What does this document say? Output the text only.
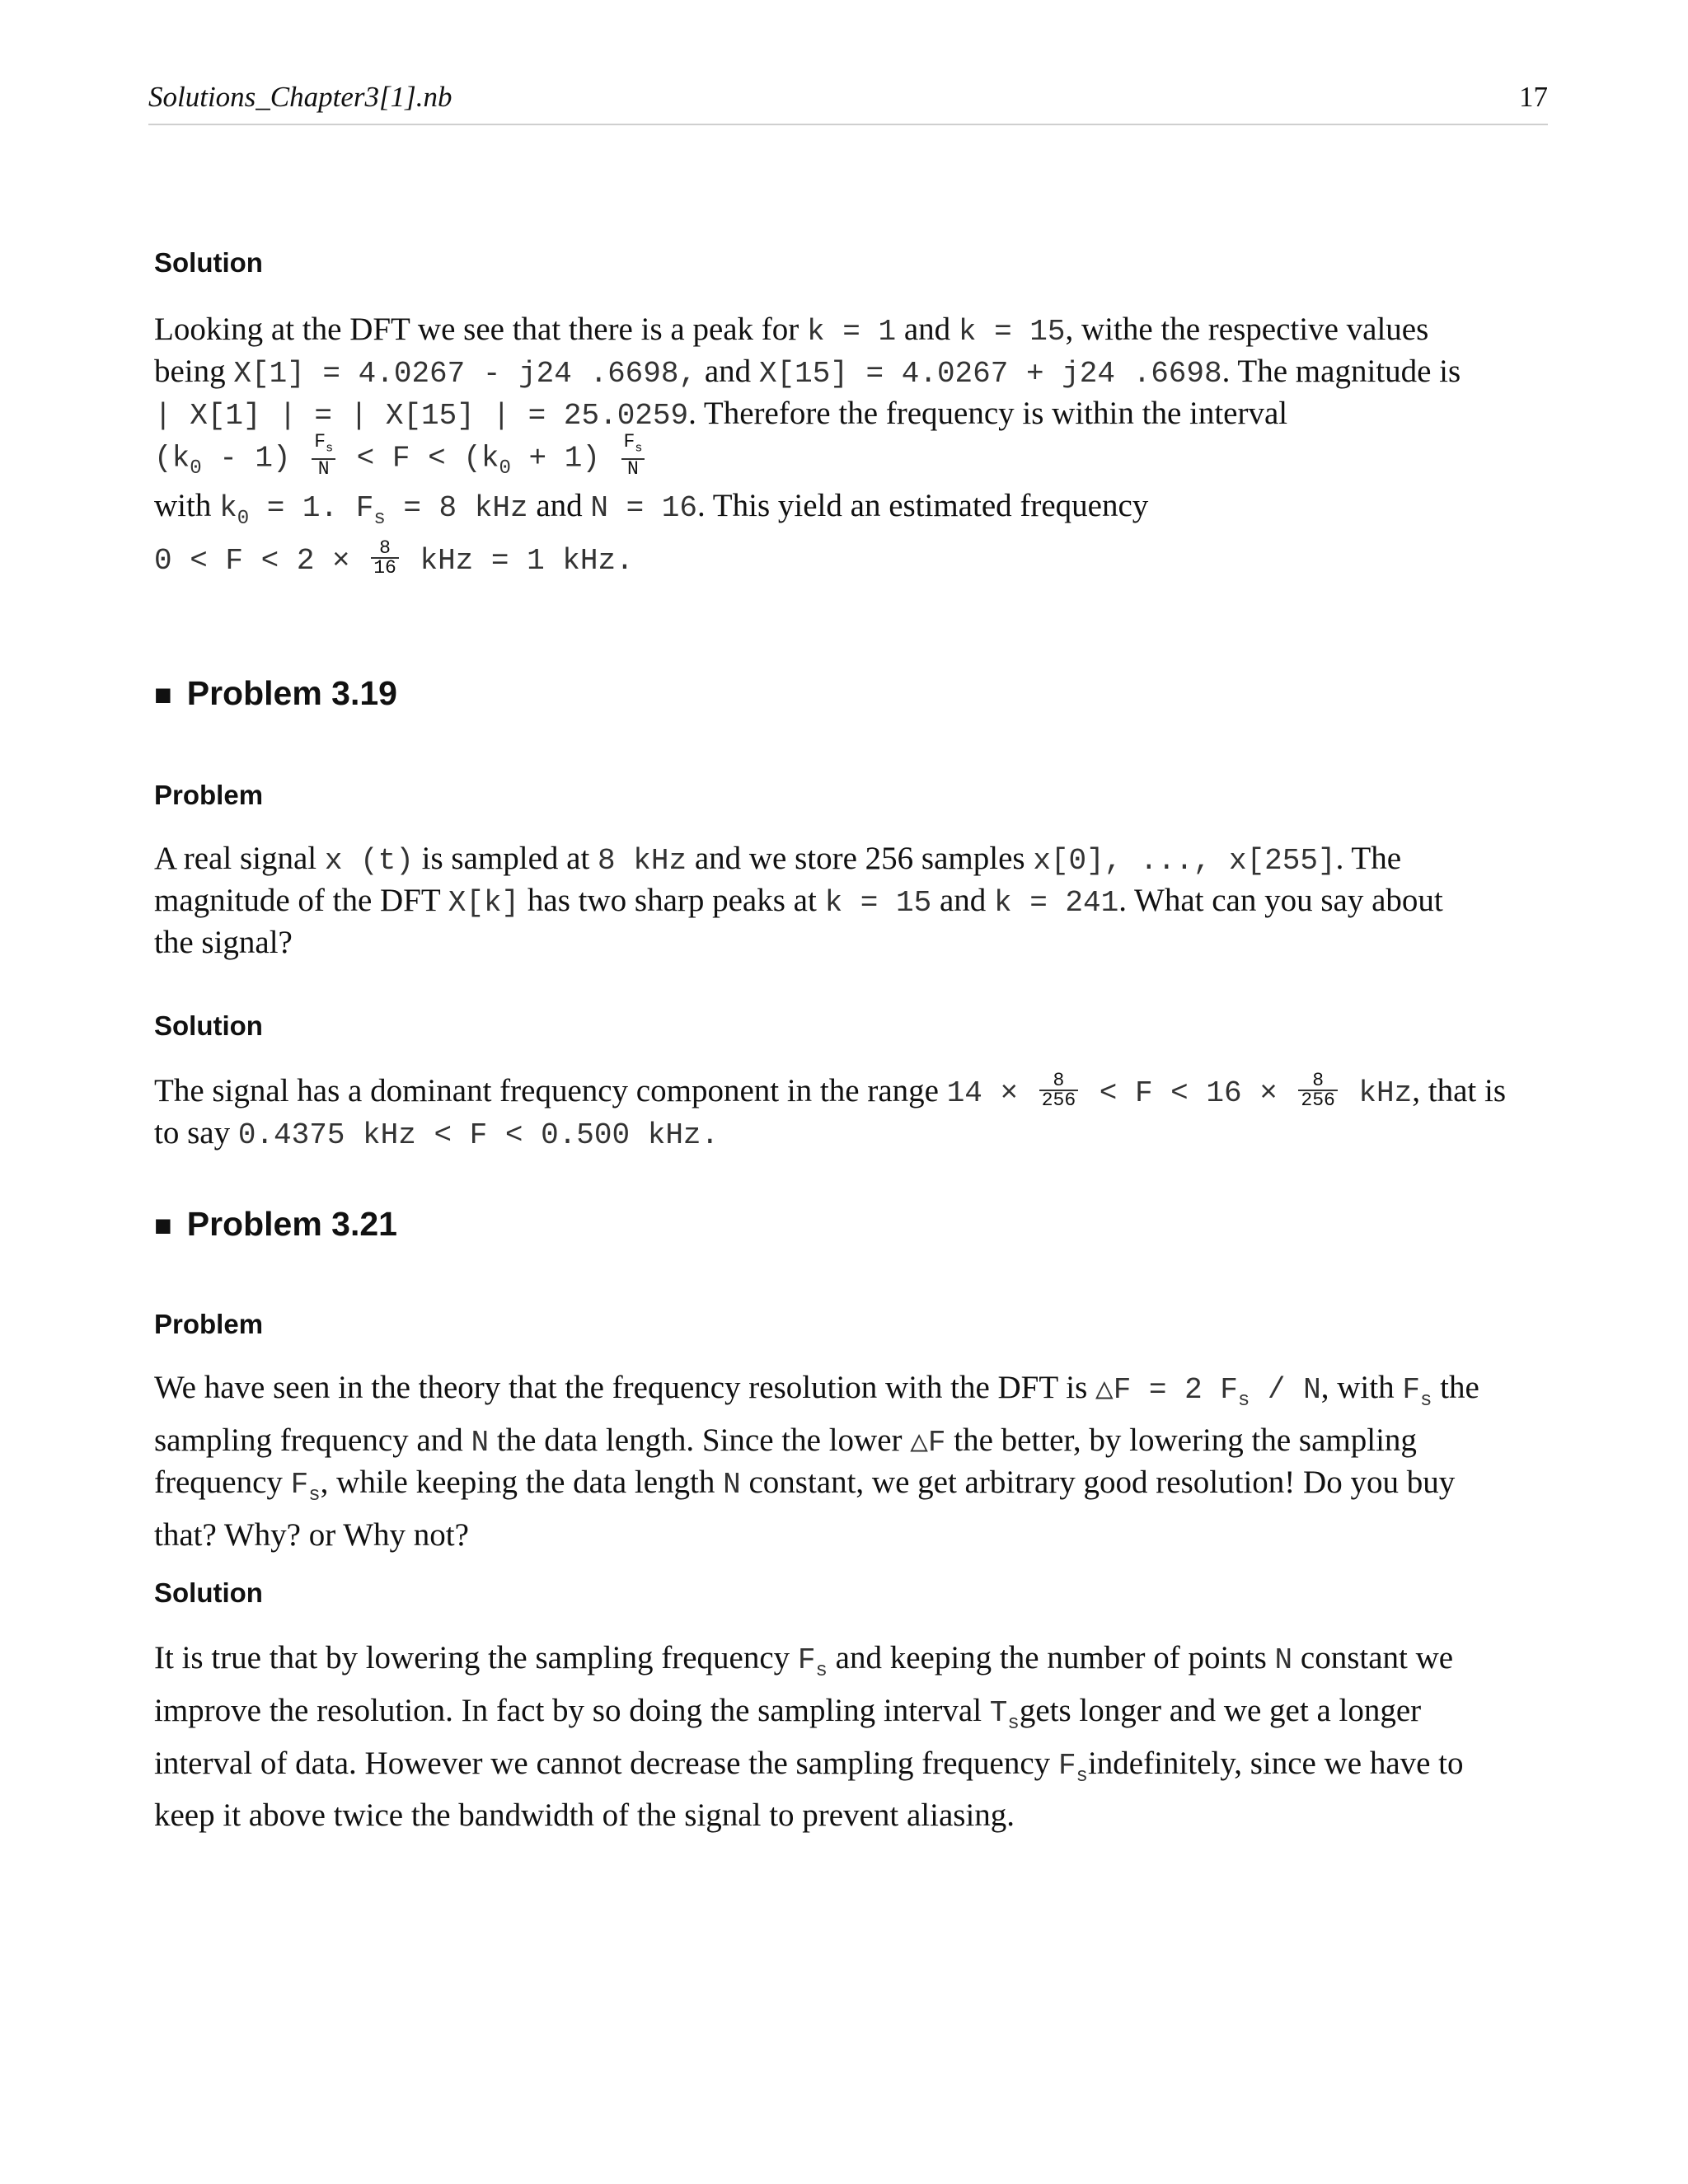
Solutions_Chapter3[1].nb	17
Solution
Looking at the DFT we see that there is a peak for k = 1 and k = 15, withe the respective values
being X[1] = 4.0267 - j24 .6698, and X[15] = 4.0267 + j24 .6698. The magnitude is
| X[1] | = | X[15] | = 25.0259. Therefore the frequency is within the interval
$(k_0 - 1) \frac{F_s}{N} < F < (k_0 + 1) \frac{F_s}{N}$
with $k_0 = 1$. $F_s = 8$ kHz and N = 16. This yield an estimated frequency
$0 < F < 2 \times \frac{8}{16}$ kHz = 1 kHz.
■ Problem 3.19
Problem
A real signal x (t) is sampled at 8 kHz and we store 256 samples x[0], ..., x[255]. The
magnitude of the DFT X[k] has two sharp peaks at k = 15 and k = 241. What can you say about
the signal?
Solution
The signal has a dominant frequency component in the range $14 \times \frac{8}{256} < F < 16 \times \frac{8}{256}$ kHz, that is
to say 0.4375 kHz < F < 0.500 kHz.
■ Problem 3.21
Problem
We have seen in the theory that the frequency resolution with the DFT is △F = 2 $F_s$ / N, with $F_s$ the
sampling frequency and N the data length. Since the lower △F the better, by lowering the sampling
frequency $F_s$, while keeping the data length N constant, we get arbitrary good resolution! Do you buy
that? Why? or Why not?
Solution
It is true that by lowering the sampling frequency $F_s$ and keeping the number of points N constant we
improve the resolution. In fact by so doing the sampling interval $T_sgets$ longer and we get a longer
interval of data. However we cannot decrease the sampling frequency $F_sindefinitely$, since we have to
keep it above twice the bandwidth of the signal to prevent aliasing.
